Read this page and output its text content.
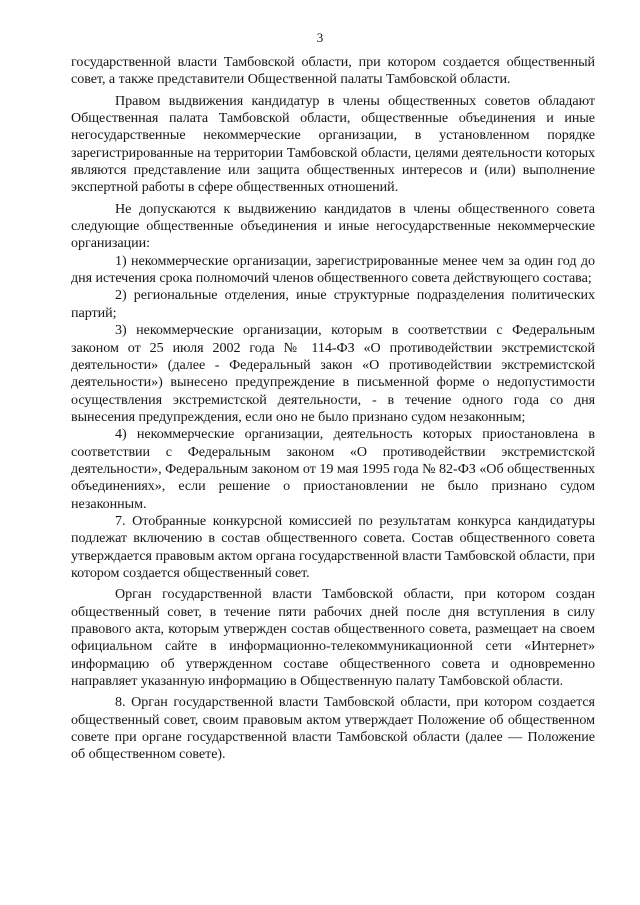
3

государственной власти Тамбовской области, при котором создается общественный совет, а также представители Общественной палаты Тамбовской области.

Правом выдвижения кандидатур в члены общественных советов обладают Общественная палата Тамбовской области, общественные объединения и иные негосударственные некоммерческие организации, в установленном порядке зарегистрированные на территории Тамбовской области, целями деятельности которых являются представление или защита общественных интересов и (или) выполнение экспертной работы в сфере общественных отношений.

Не допускаются к выдвижению кандидатов в члены общественного совета следующие общественные объединения и иные негосударственные некоммерческие организации:

1) некоммерческие организации, зарегистрированные менее чем за один год до дня истечения срока полномочий членов общественного совета действующего состава;

2) региональные отделения, иные структурные подразделения политических партий;

3) некоммерческие организации, которым в соответствии с Федеральным законом от 25 июля 2002 года № 114-ФЗ «О противодействии экстремистской деятельности» (далее - Федеральный закон «О противодействии экстремистской деятельности») вынесено предупреждение в письменной форме о недопустимости осуществления экстремистской деятельности, - в течение одного года со дня вынесения предупреждения, если оно не было признано судом незаконным;

4) некоммерческие организации, деятельность которых приостановлена в соответствии с Федеральным законом «О противодействии экстремистской деятельности», Федеральным законом от 19 мая 1995 года № 82-ФЗ «Об общественных объединениях», если решение о приостановлении не было признано судом незаконным.

7. Отобранные конкурсной комиссией по результатам конкурса кандидатуры подлежат включению в состав общественного совета. Состав общественного совета утверждается правовым актом органа государственной власти Тамбовской области, при котором создается общественный совет.

Орган государственной власти Тамбовской области, при котором создан общественный совет, в течение пяти рабочих дней после дня вступления в силу правового акта, которым утвержден состав общественного совета, размещает на своем официальном сайте в информационно-телекоммуникационной сети «Интернет» информацию об утвержденном составе общественного совета и одновременно направляет указанную информацию в Общественную палату Тамбовской области.

8. Орган государственной власти Тамбовской области, при котором создается общественный совет, своим правовым актом утверждает Положение об общественном совете при органе государственной власти Тамбовской области (далее — Положение об общественном совете).
